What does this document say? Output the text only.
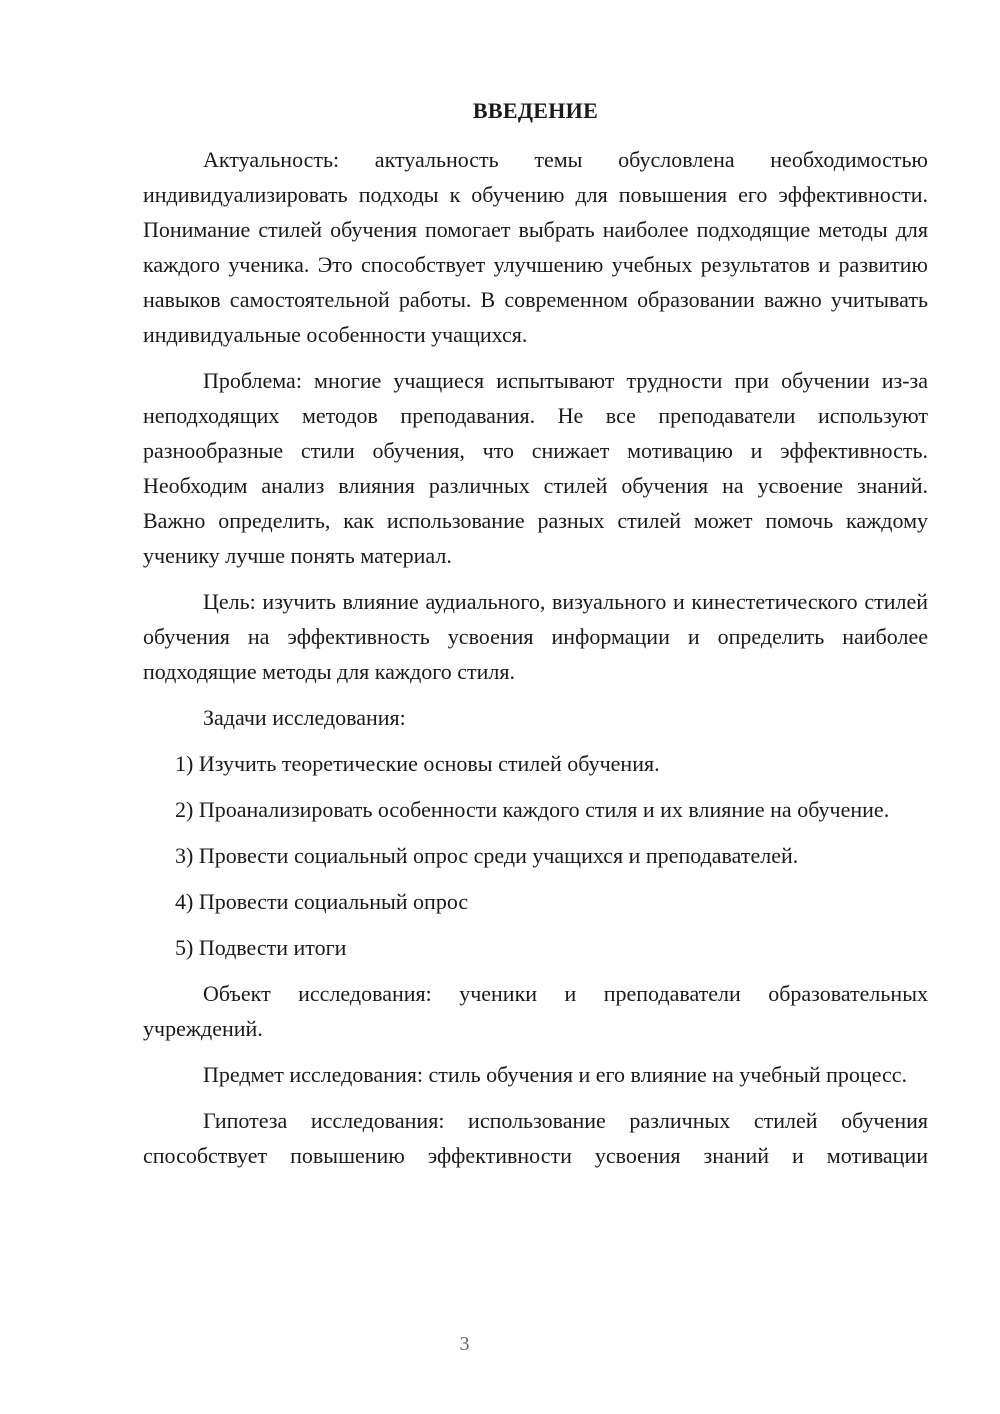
ВВЕДЕНИЕ

Актуальность: актуальность темы обусловлена необходимостью индивидуализировать подходы к обучению для повышения его эффективности. Понимание стилей обучения помогает выбрать наиболее подходящие методы для каждого ученика. Это способствует улучшению учебных результатов и развитию навыков самостоятельной работы. В современном образовании важно учитывать индивидуальные особенности учащихся.

Проблема: многие учащиеся испытывают трудности при обучении из-за неподходящих методов преподавания. Не все преподаватели используют разнообразные стили обучения, что снижает мотивацию и эффективность. Необходим анализ влияния различных стилей обучения на усвоение знаний. Важно определить, как использование разных стилей может помочь каждому ученику лучше понять материал.

Цель: изучить влияние аудиального, визуального и кинестетического стилей обучения на эффективность усвоения информации и определить наиболее подходящие методы для каждого стиля.

Задачи исследования:

1) Изучить теоретические основы стилей обучения.

2) Проанализировать особенности каждого стиля и их влияние на обучение.

3) Провести социальный опрос среди учащихся и преподавателей.

4) Провести социальный опрос

5) Подвести итоги

Объект исследования: ученики и преподаватели образовательных учреждений.

Предмет исследования: стиль обучения и его влияние на учебный процесс.

Гипотеза исследования: использование различных стилей обучения способствует повышению эффективности усвоения знаний и мотивации

3
